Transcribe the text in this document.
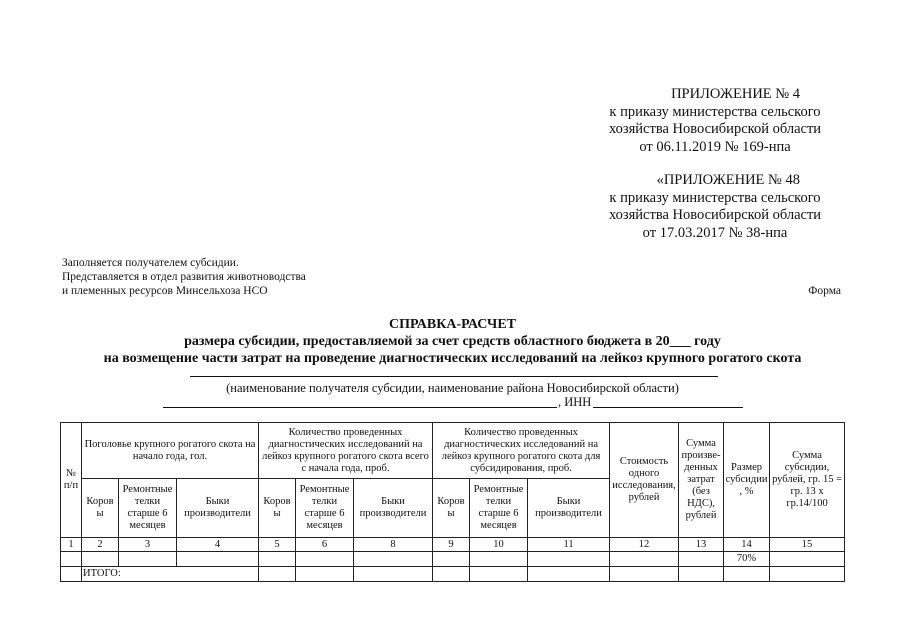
ПРИЛОЖЕНИЕ № 4
к приказу министерства сельского
хозяйства Новосибирской области
от 06.11.2019 № 169-нпа
«ПРИЛОЖЕНИЕ № 48
к приказу министерства сельского
хозяйства Новосибирской области
от 17.03.2017 № 38-нпа
Заполняется получателем субсидии.
Представляется в отдел развития животноводства
и племенных ресурсов Минсельхоза НСО	Форма
СПРАВКА-РАСЧЕТ
размера субсидии, предоставляемой за счет средств областного бюджета в 20___ году
на возмещение части затрат на проведение диагностических исследований на лейкоз крупного рогатого скота
(наименование получателя субсидии, наименование района Новосибирской области)
, ИНН
№ п/п	Поголовье крупного рогатого скота на начало года, гол.			Количество проведенных диагностических исследований на лейкоз крупного рогатого скота всего с начала года, проб.			Количество проведенных диагностических исследований на лейкоз крупного рогатого скота для субсидирования, проб.			Стоимость одного исследования, рублей	Сумма произве-денных затрат (без НДС), рублей	Размер субсидии, %	Сумма субсидии, рублей, гр. 15 = гр. 13 х гр.14/100
	Коровы	Ремонтные телки старше 6 месяцев	Быки производители	Коровы	Ремонтные телки старше 6 месяцев	Быки производители	Коровы	Ремонтные телки старше 6 месяцев	Быки производители				
1	2	3	4	5	6	8	9	10	11	12	13	14	15
												70%	
	ИТОГО:												
